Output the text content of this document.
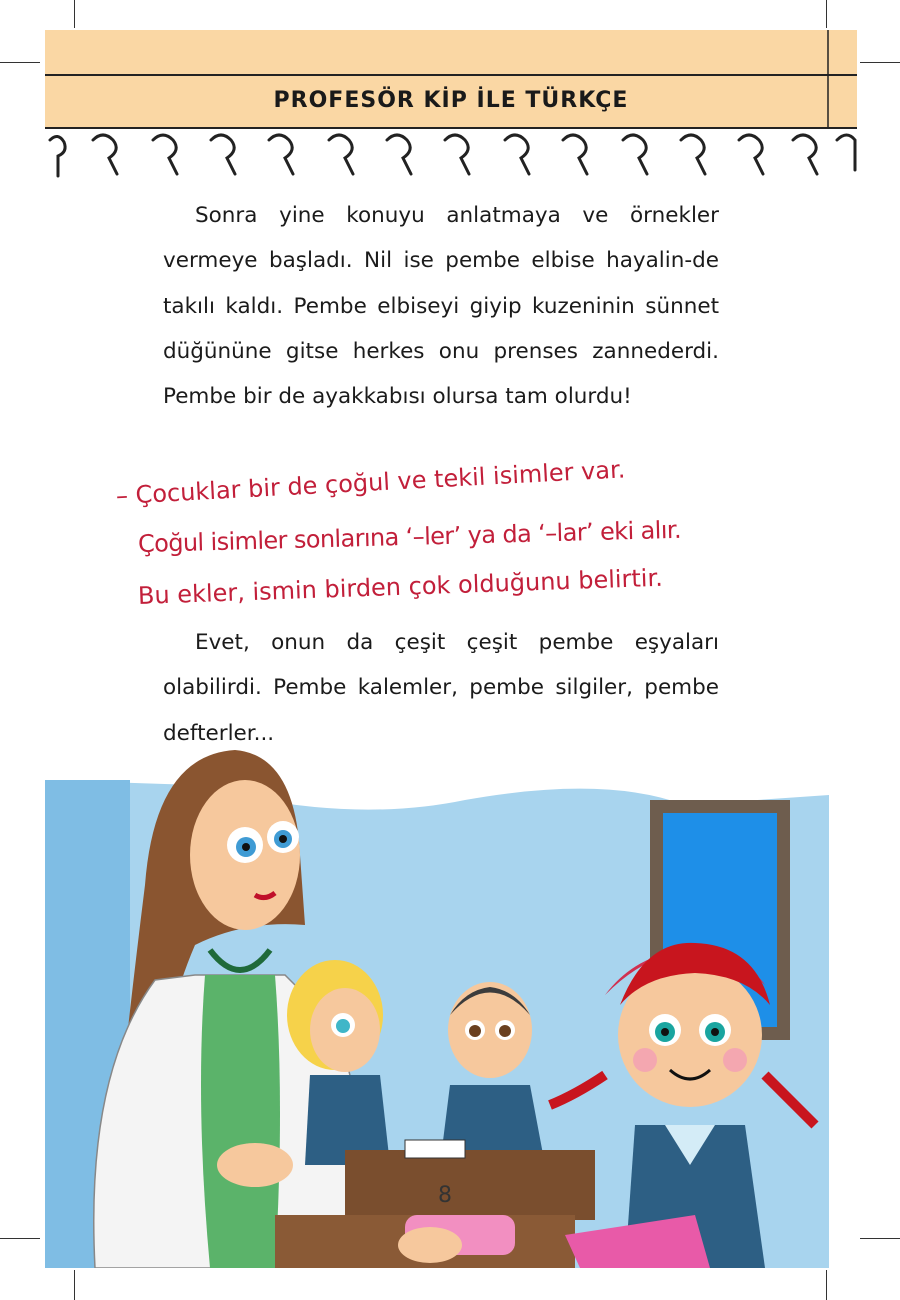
PROFESÖR KİP İLE TÜRKÇE

Sonra yine konuyu anlatmaya ve örnekler vermeye başladı. Nil ise pembe elbise hayalin-de takılı kaldı. Pembe elbiseyi giyip kuzeninin sünnet düğününe gitse herkes onu prenses zannederdi. Pembe bir de ayakkabısı olursa tam olurdu!

– Çocuklar bir de çoğul ve tekil isimler var.
Çoğul isimler sonlarına ‘–ler’ ya da ‘–lar’ eki alır.
Bu ekler, ismin birden çok olduğunu belirtir.

Evet, onun da çeşit çeşit pembe eşyaları olabilirdi. Pembe kalemler, pembe silgiler, pembe defterler...

8
